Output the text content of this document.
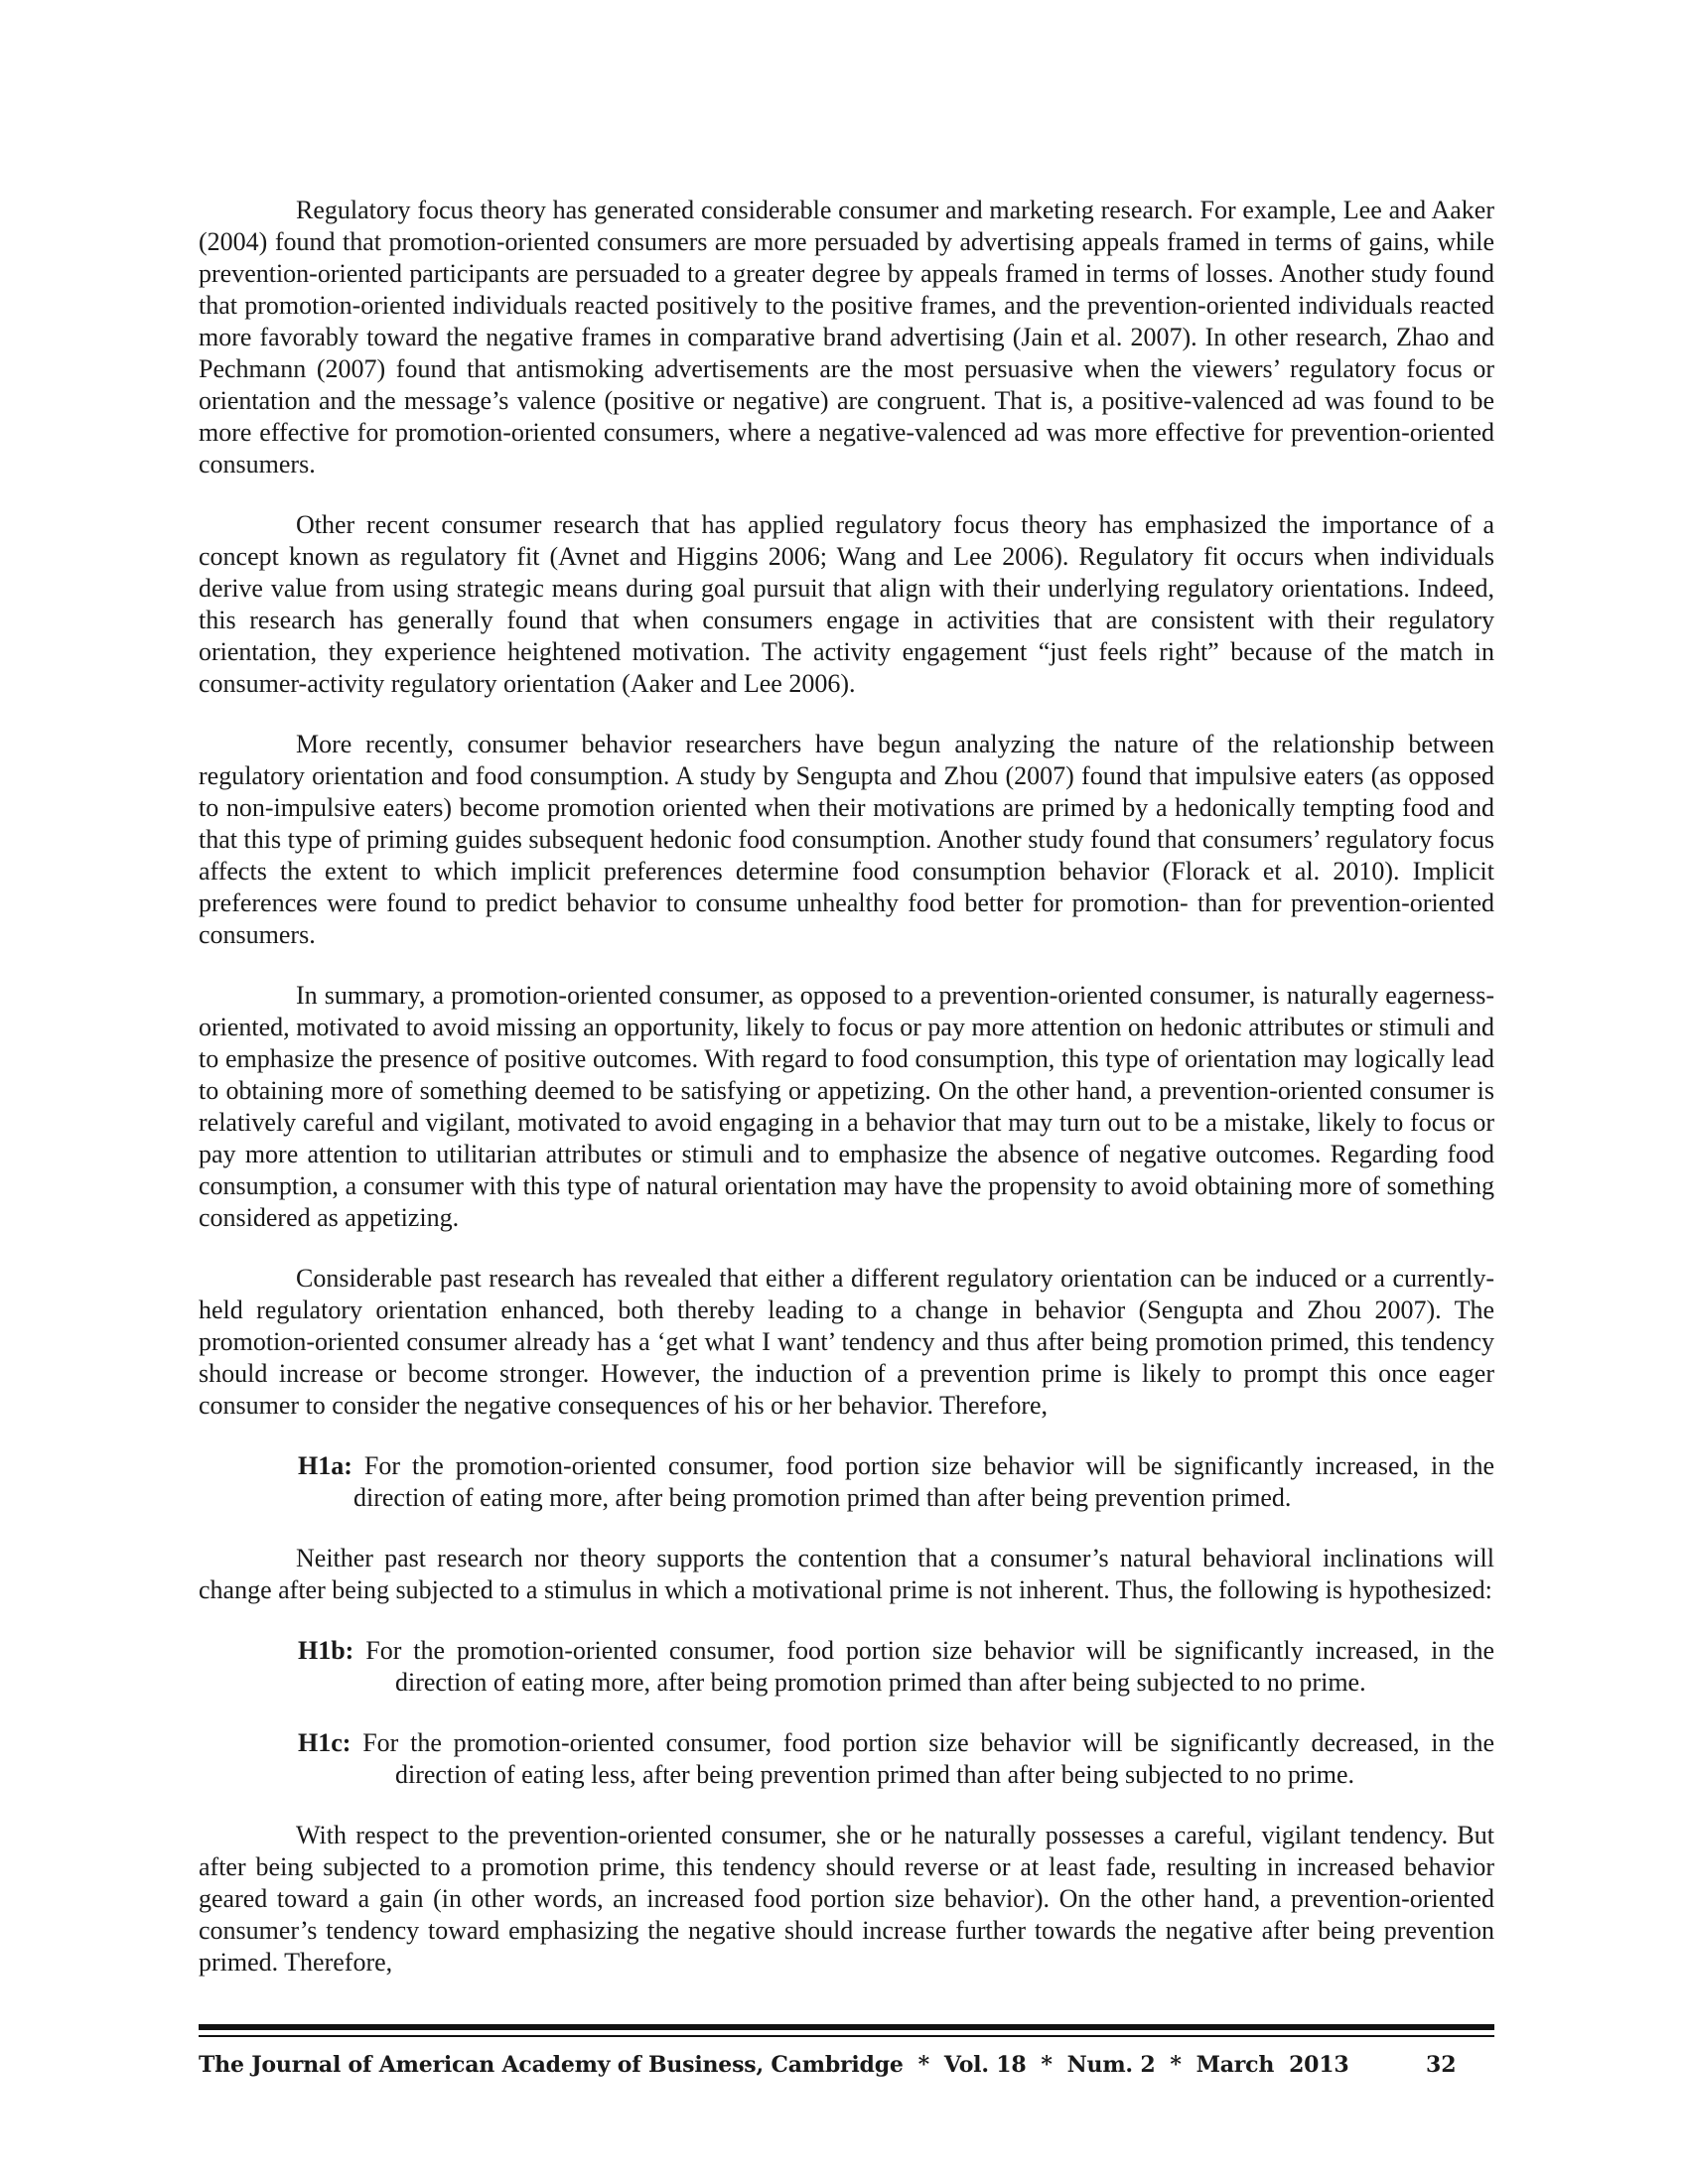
Regulatory focus theory has generated considerable consumer and marketing research. For example, Lee and Aaker (2004) found that promotion-oriented consumers are more persuaded by advertising appeals framed in terms of gains, while prevention-oriented participants are persuaded to a greater degree by appeals framed in terms of losses. Another study found that promotion-oriented individuals reacted positively to the positive frames, and the prevention-oriented individuals reacted more favorably toward the negative frames in comparative brand advertising (Jain et al. 2007). In other research, Zhao and Pechmann (2007) found that antismoking advertisements are the most persuasive when the viewers’ regulatory focus or orientation and the message’s valence (positive or negative) are congruent. That is, a positive-valenced ad was found to be more effective for promotion-oriented consumers, where a negative-valenced ad was more effective for prevention-oriented consumers.

Other recent consumer research that has applied regulatory focus theory has emphasized the importance of a concept known as regulatory fit (Avnet and Higgins 2006; Wang and Lee 2006). Regulatory fit occurs when individuals derive value from using strategic means during goal pursuit that align with their underlying regulatory orientations. Indeed, this research has generally found that when consumers engage in activities that are consistent with their regulatory orientation, they experience heightened motivation. The activity engagement “just feels right” because of the match in consumer-activity regulatory orientation (Aaker and Lee 2006).

More recently, consumer behavior researchers have begun analyzing the nature of the relationship between regulatory orientation and food consumption. A study by Sengupta and Zhou (2007) found that impulsive eaters (as opposed to non-impulsive eaters) become promotion oriented when their motivations are primed by a hedonically tempting food and that this type of priming guides subsequent hedonic food consumption. Another study found that consumers’ regulatory focus affects the extent to which implicit preferences determine food consumption behavior (Florack et al. 2010). Implicit preferences were found to predict behavior to consume unhealthy food better for promotion- than for prevention-oriented consumers.

In summary, a promotion-oriented consumer, as opposed to a prevention-oriented consumer, is naturally eagerness-oriented, motivated to avoid missing an opportunity, likely to focus or pay more attention on hedonic attributes or stimuli and to emphasize the presence of positive outcomes. With regard to food consumption, this type of orientation may logically lead to obtaining more of something deemed to be satisfying or appetizing. On the other hand, a prevention-oriented consumer is relatively careful and vigilant, motivated to avoid engaging in a behavior that may turn out to be a mistake, likely to focus or pay more attention to utilitarian attributes or stimuli and to emphasize the absence of negative outcomes. Regarding food consumption, a consumer with this type of natural orientation may have the propensity to avoid obtaining more of something considered as appetizing.

Considerable past research has revealed that either a different regulatory orientation can be induced or a currently-held regulatory orientation enhanced, both thereby leading to a change in behavior (Sengupta and Zhou 2007). The promotion-oriented consumer already has a ‘get what I want’ tendency and thus after being promotion primed, this tendency should increase or become stronger. However, the induction of a prevention prime is likely to prompt this once eager consumer to consider the negative consequences of his or her behavior. Therefore,

H1a: For the promotion-oriented consumer, food portion size behavior will be significantly increased, in the direction of eating more, after being promotion primed than after being prevention primed.

Neither past research nor theory supports the contention that a consumer’s natural behavioral inclinations will change after being subjected to a stimulus in which a motivational prime is not inherent. Thus, the following is hypothesized:

H1b: For the promotion-oriented consumer, food portion size behavior will be significantly increased, in the direction of eating more, after being promotion primed than after being subjected to no prime.

H1c: For the promotion-oriented consumer, food portion size behavior will be significantly decreased, in the direction of eating less, after being prevention primed than after being subjected to no prime.

With respect to the prevention-oriented consumer, she or he naturally possesses a careful, vigilant tendency. But after being subjected to a promotion prime, this tendency should reverse or at least fade, resulting in increased behavior geared toward a gain (in other words, an increased food portion size behavior). On the other hand, a prevention-oriented consumer’s tendency toward emphasizing the negative should increase further towards the negative after being prevention primed. Therefore,

The Journal of American Academy of Business, Cambridge  *  Vol. 18  *  Num. 2  *  March  2013	32
